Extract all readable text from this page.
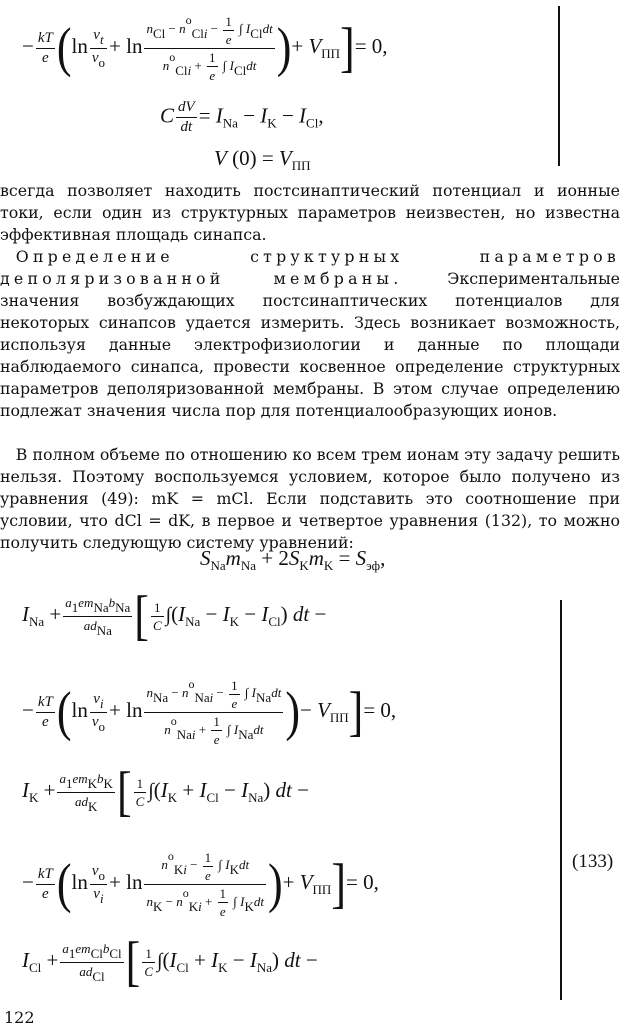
− $\frac{kT}{e} (\ln \frac{vt}{vo} + \ln \frac{nCl - noCli - \frac{1}{e} \int ICldt}{noCli + \frac{1}{e} \int ICldt}$ )+ $V_{ПП}]= 0$,
C $\frac{dV}{dt} = I_{Na} - I_K - I_{Cl}$,
V $(0) = V_{ПП}$

всегда позволяет находить постсинаптический потенциал и ионные токи, если один из структурных параметров неизвестен, но известна эффективная площадь синапса.

 Определение структурных параметров деполяризованной мембраны.	Экспериментальные значения возбуждающих постсинаптических потенциалов для некоторых синапсов удается измерить. Здесь возникает возможность, используя данные электрофизиологии и данные по площади наблюдаемого синапса, провести косвенное определение структурных параметров деполяризованной мембраны. В этом случае определению подлежат значения числа пор для потенциалообразующих ионов.

 В полном объеме по отношению ко всем трем ионам эту задачу решить нельзя. Поэтому воспользуемся условием, которое было получено из уравнения (49): mK = mCl. Если подставить это соотношение при условии, что dCl = dK, в первое и четвертое уравнения (132), то можно получить следующую систему уравнений:

$S_{Na}m_{Na} + 2S_Km_K = S_{эф}$,
$I_{Na} + \frac{\text{a1emNabNa}}{\text{adNa}}$ [ $\frac{1}{C} \int(I_{Na} - I_K - I_{Cl})$ dt −
− $\frac{kT}{e} (\ln \frac{vi}{vo} + \ln \frac{nNa - noNai - \frac{1}{e} \int INadt}{noNai + \frac{1}{e} \int INadt}$ )− $V_{ПП}]= 0$,
$I_K + \frac{\text{a1emKbK}}{\text{adK}}$ [ $\frac{1}{C} \int(I_K + I_{Cl} - I_{Na})$ dt −
− $\frac{kT}{e} (\ln \frac{vo}{vi} + \ln \frac{noKi - \frac{1}{e} \int IKdt}{nK - noKi + \frac{1}{e} \int IKdt}$ )+ $V_{ПП}]= 0$,
$I_{Cl} + \frac{\text{a1emClbCl}}{\text{adCl}}$ [ $\frac{1}{C} \int(I_{Cl} + I_K - I_{Na})$ dt −
(133)
122
